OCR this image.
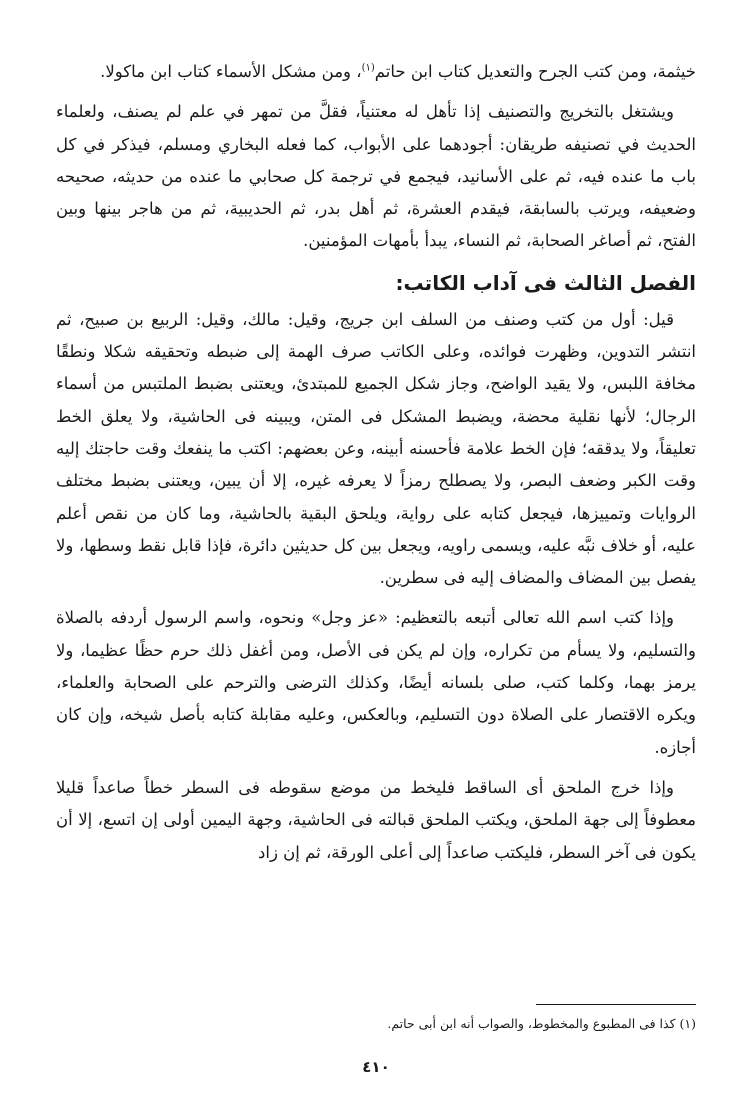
خيثمة، ومن كتب الجرح والتعديل كتاب ابن حاتم$^{(١)}$، ومن مشكل الأسماء كتاب ابن ماكولا.

ويشتغل بالتخريج والتصنيف إذا تأهل له معتنياً، فقلَّ من تمهر في علم لم يصنف، ولعلماء الحديث في تصنيفه طريقان: أجودهما على الأبواب، كما فعله البخاري ومسلم، فيذكر في كل باب ما عنده فيه، ثم على الأسانيد، فيجمع في ترجمة كل صحابي ما عنده من حديثه، صحيحه وضعيفه، ويرتب بالسابقة، فيقدم العشرة، ثم أهل بدر، ثم الحديبية، ثم من هاجر بينها وبين الفتح، ثم أصاغر الصحابة، ثم النساء، يبدأ بأمهات المؤمنين.

الفصل الثالث فى آداب الكاتب:

قيل: أول من كتب وصنف من السلف ابن جريج، وقيل: مالك، وقيل: الربيع بن صبيح، ثم انتشر التدوين، وظهرت فوائده، وعلى الكاتب صرف الهمة إلى ضبطه وتحقيقه شكلا ونطقًا مخافة اللبس، ولا يقيد الواضح، وجاز شكل الجميع للمبتدئ، ويعتنى بضبط الملتبس من أسماء الرجال؛ لأنها نقلية محضة، ويضبط المشكل فى المتن، ويبينه فى الحاشية، ولا يعلق الخط تعليقاً، ولا يدققه؛ فإن الخط علامة فأحسنه أبينه، وعن بعضهم: اكتب ما ينفعك وقت حاجتك إليه وقت الكبر وضعف البصر، ولا يصطلح رمزاً لا يعرفه غيره، إلا أن يبين، ويعتنى بضبط مختلف الروايات وتمييزها، فيجعل كتابه على رواية، ويلحق البقية بالحاشية، وما كان من نقص أعلم عليه، أو خلاف نبَّه عليه، ويسمى راويه، ويجعل بين كل حديثين دائرة، فإذا قابل نقط وسطها، ولا يفصل بين المضاف والمضاف إليه فى سطرين.

وإذا كتب اسم الله تعالى أتبعه بالتعظيم: «عز وجل» ونحوه، واسم الرسول أردفه بالصلاة والتسليم، ولا يسأم من تكراره، وإن لم يكن فى الأصل، ومن أغفل ذلك حرم حظًا عظيما، ولا يرمز بهما، وكلما كتب، صلى بلسانه أيضًا، وكذلك الترضى والترحم على الصحابة والعلماء، ويكره الاقتصار على الصلاة دون التسليم، وبالعكس، وعليه مقابلة كتابه بأصل شيخه، وإن كان أجازه.

وإذا خرج الملحق أى الساقط فليخط من موضع سقوطه فى السطر خطاً صاعداً قليلا معطوفاً إلى جهة الملحق، ويكتب الملحق قبالته فى الحاشية، وجهة اليمين أولى إن اتسع، إلا أن يكون فى آخر السطر، فليكتب صاعداً إلى أعلى الورقة، ثم إن زاد

(١) كذا فى المطبوع والمخطوط، والصواب أنه ابن أبى حاتم.
٤١٠
